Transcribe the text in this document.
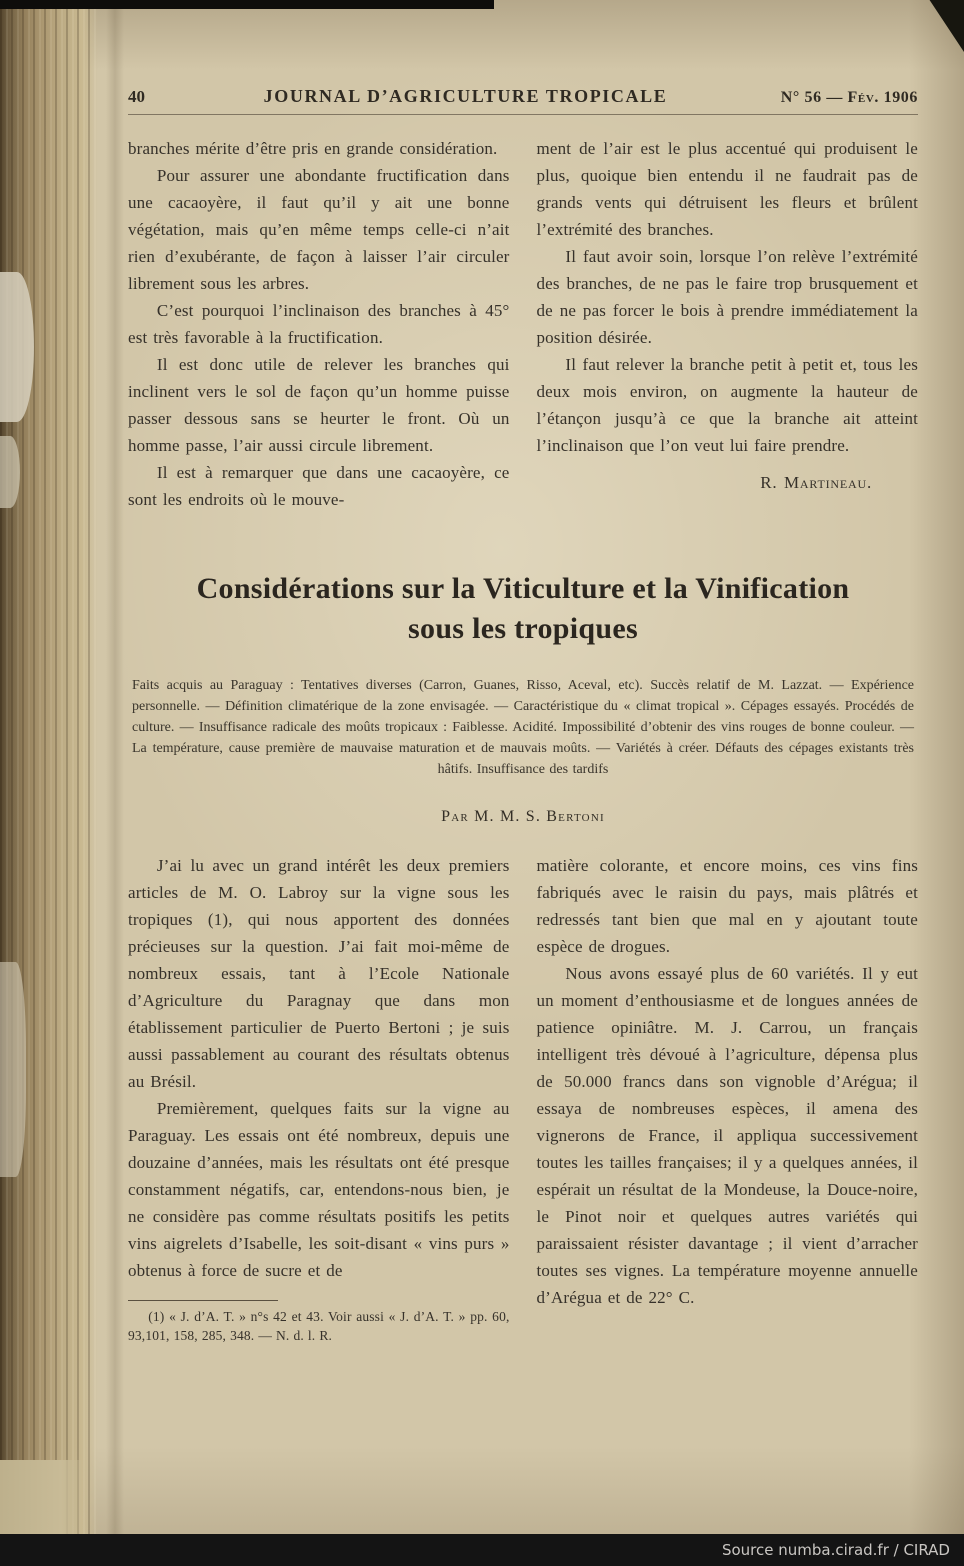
40	JOURNAL D’AGRICULTURE TROPICALE	N° 56 — Fév. 1906

branches mérite d’être pris en grande considération.

Pour assurer une abondante fructification dans une cacaoyère, il faut qu’il y ait une bonne végétation, mais qu’en même temps celle-ci n’ait rien d’exubérante, de façon à laisser l’air circuler librement sous les arbres.

C’est pourquoi l’inclinaison des branches à 45° est très favorable à la fructification.

Il est donc utile de relever les branches qui inclinent vers le sol de façon qu’un homme puisse passer dessous sans se heurter le front. Où un homme passe, l’air aussi circule librement.

Il est à remarquer que dans une cacaoyère, ce sont les endroits où le mouve-

ment de l’air est le plus accentué qui produisent le plus, quoique bien entendu il ne faudrait pas de grands vents qui détruisent les fleurs et brûlent l’extrémité des branches.

Il faut avoir soin, lorsque l’on relève l’extrémité des branches, de ne pas le faire trop brusquement et de ne pas forcer le bois à prendre immédiatement la position désirée.

Il faut relever la branche petit à petit et, tous les deux mois environ, on augmente la hauteur de l’étançon jusqu’à ce que la branche ait atteint l’inclinaison que l’on veut lui faire prendre.

R. Martineau.
Considérations sur la Viticulture et la Vinification
sous les tropiques
Faits acquis au Paraguay : Tentatives diverses (Carron, Guanes, Risso, Aceval, etc). Succès relatif de M. Lazzat. — Expérience personnelle. — Définition climatérique de la zone envisagée. — Caractéristique du « climat tropical ». Cépages essayés. Procédés de culture. — Insuffisance radicale des moûts tropicaux : Faiblesse. Acidité. Impossibilité d’obtenir des vins rouges de bonne couleur. — La température, cause première de mauvaise maturation et de mauvais moûts. — Variétés à créer. Défauts des cépages existants très hâtifs. Insuffisance des tardifs
Par M. M. S. Bertoni

J’ai lu avec un grand intérêt les deux premiers articles de M. O. Labroy sur la vigne sous les tropiques (1), qui nous apportent des données précieuses sur la question. J’ai fait moi-même de nombreux essais, tant à l’Ecole Nationale d’Agriculture du Paragnay que dans mon établissement particulier de Puerto Bertoni ; je suis aussi passablement au courant des résultats obtenus au Brésil.

Premièrement, quelques faits sur la vigne au Paraguay. Les essais ont été nombreux, depuis une douzaine d’années, mais les résultats ont été presque constamment négatifs, car, entendons-nous bien, je ne considère pas comme résultats positifs les petits vins aigrelets d’Isabelle, les soit-disant « vins purs » obtenus à force de sucre et de

(1) « J. d’A. T. » n°s 42 et 43. Voir aussi « J. d’A. T. » pp. 60, 93,101, 158, 285, 348. — N. d. l. R.

matière colorante, et encore moins, ces vins fins fabriqués avec le raisin du pays, mais plâtrés et redressés tant bien que mal en y ajoutant toute espèce de drogues.

Nous avons essayé plus de 60 variétés. Il y eut un moment d’enthousiasme et de longues années de patience opiniâtre. M. J. Carrou, un français intelligent très dévoué à l’agriculture, dépensa plus de 50.000 francs dans son vignoble d’Arégua; il essaya de nombreuses espèces, il amena des vignerons de France, il appliqua successivement toutes les tailles françaises; il y a quelques années, il espérait un résultat de la Mondeuse, la Douce-noire, le Pinot noir et quelques autres variétés qui paraissaient résister davantage ; il vient d’arracher toutes ses vignes. La température moyenne annuelle d’Arégua et de 22° C.

Source numba.cirad.fr / CIRAD
